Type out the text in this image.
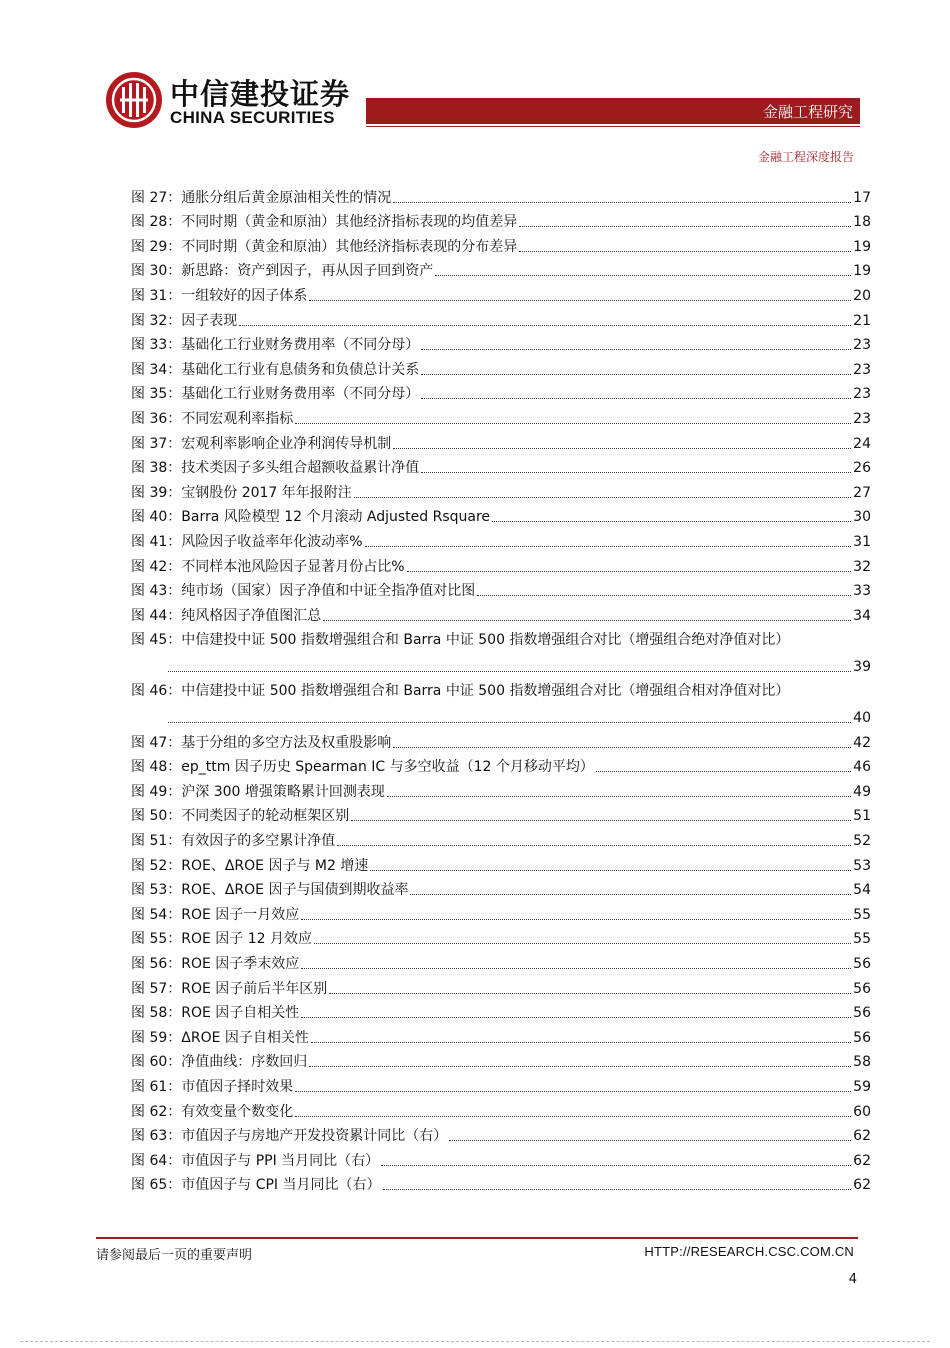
中信建投证券
CHINA SECURITIES	金融工程研究
金融工程深度报告
图 27：通胀分组后黄金原油相关性的情况	17
图 28：不同时期（黄金和原油）其他经济指标表现的均值差异	18
图 29：不同时期（黄金和原油）其他经济指标表现的分布差异	19
图 30：新思路：资产到因子，再从因子回到资产	19
图 31：一组较好的因子体系	20
图 32：因子表现	21
图 33：基础化工行业财务费用率（不同分母）	23
图 34：基础化工行业有息债务和负债总计关系	23
图 35：基础化工行业财务费用率（不同分母）	23
图 36：不同宏观利率指标	23
图 37：宏观利率影响企业净利润传导机制	24
图 38：技术类因子多头组合超额收益累计净值	26
图 39：宝钢股份 2017 年年报附注	27
图 40：Barra 风险模型 12 个月滚动 Adjusted Rsquare	30
图 41：风险因子收益率年化波动率%	31
图 42：不同样本池风险因子显著月份占比%	32
图 43：纯市场（国家）因子净值和中证全指净值对比图	33
图 44：纯风格因子净值图汇总	34
图 45：中信建投中证 500 指数增强组合和 Barra 中证 500 指数增强组合对比（增强组合绝对净值对比）
39
图 46：中信建投中证 500 指数增强组合和 Barra 中证 500 指数增强组合对比（增强组合相对净值对比）
40
图 47：基于分组的多空方法及权重股影响	42
图 48：ep_ttm 因子历史 Spearman IC 与多空收益（12 个月移动平均）	46
图 49：沪深 300 增强策略累计回测表现	49
图 50：不同类因子的轮动框架区别	51
图 51：有效因子的多空累计净值	52
图 52：ROE、ΔROE 因子与 M2 增速	53
图 53：ROE、ΔROE 因子与国债到期收益率	54
图 54：ROE 因子一月效应	55
图 55：ROE 因子 12 月效应	55
图 56：ROE 因子季末效应	56
图 57：ROE 因子前后半年区别	56
图 58：ROE 因子自相关性	56
图 59：ΔROE 因子自相关性	56
图 60：净值曲线：序数回归	58
图 61：市值因子择时效果	59
图 62：有效变量个数变化	60
图 63：市值因子与房地产开发投资累计同比（右）	62
图 64：市值因子与 PPI 当月同比（右）	62
图 65：市值因子与 CPI 当月同比（右）	62
请参阅最后一页的重要声明	HTTP://RESEARCH.CSC.COM.CN
4
